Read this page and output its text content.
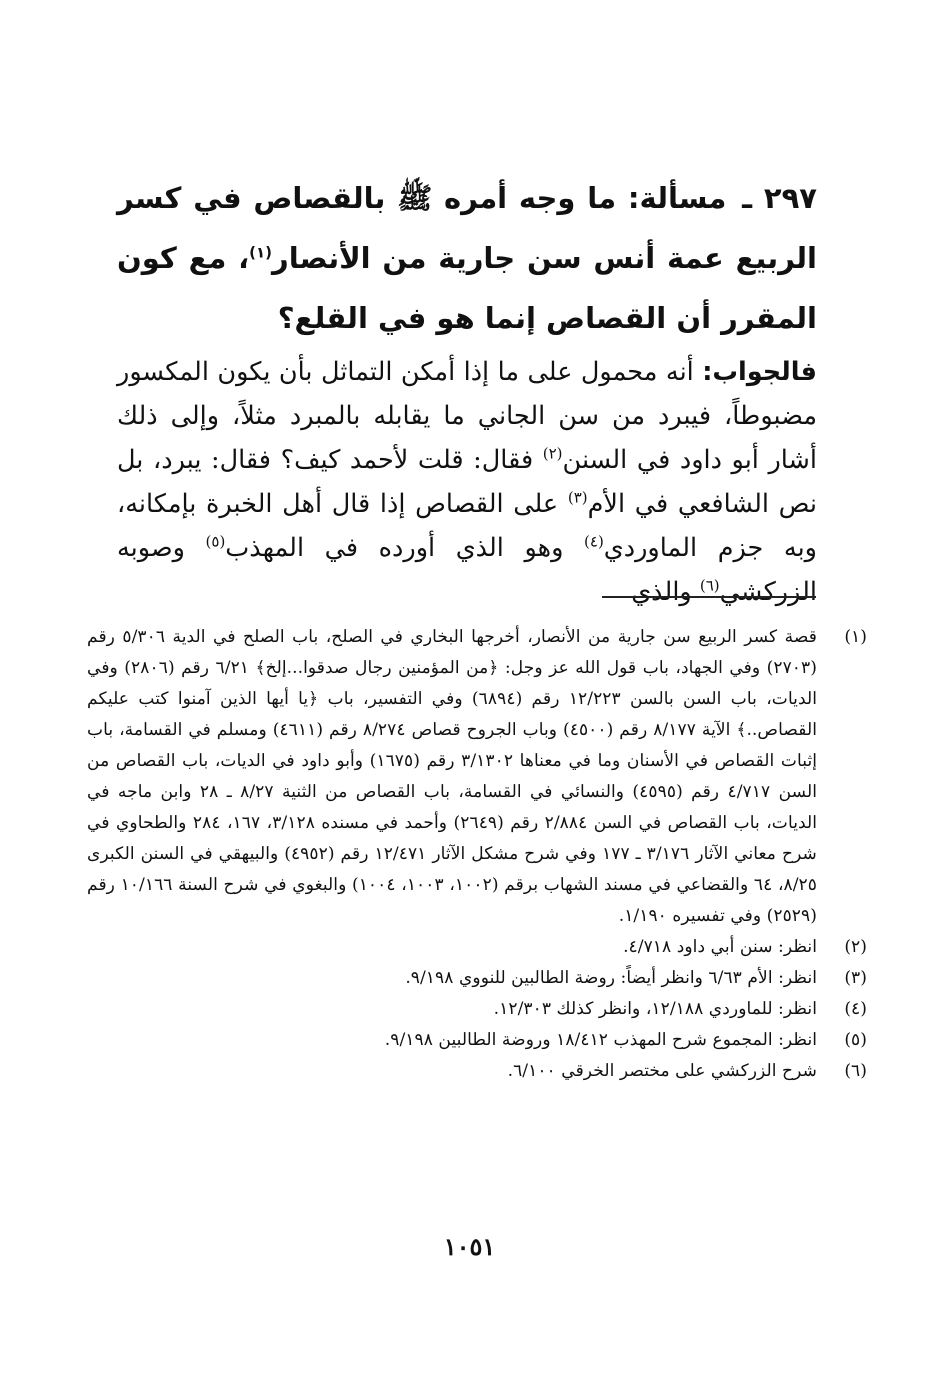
٢٩٧ ـ مسألة: ما وجه أمره ﷺ بالقصاص في كسر الربيع عمة أنس سن جارية من الأنصار$^{(١)}$، مع كون المقرر أن القصاص إنما هو في القلع؟
فالجواب: أنه محمول على ما إذا أمكن التماثل بأن يكون المكسور مضبوطاً، فيبرد من سن الجاني ما يقابله بالمبرد مثلاً، وإلى ذلك أشار أبو داود في السنن$^{(٢)}$ فقال: قلت لأحمد كيف؟ فقال: يبرد، بل نص الشافعي في الأم$^{(٣)}$ على القصاص إذا قال أهل الخبرة بإمكانه، وبه جزم الماوردي$^{(٤)}$ وهو الذي أورده في المهذب$^{(٥)}$ وصوبه الزركشي$^{(٦)}$ والذي
(١)
قصة كسر الربيع سن جارية من الأنصار، أخرجها البخاري في الصلح، باب الصلح في الدية ٥/٣٠٦ رقم (٢٧٠٣) وفي الجهاد، باب قول الله عز وجل: ﴿من المؤمنين رجال صدقوا...إلخ﴾ ٦/٢١ رقم (٢٨٠٦) وفي الديات، باب السن بالسن ١٢/٢٢٣ رقم (٦٨٩٤) وفي التفسير، باب ﴿يا أيها الذين آمنوا كتب عليكم القصاص..﴾ الآية ٨/١٧٧ رقم (٤٥٠٠) وباب الجروح قصاص ٨/٢٧٤ رقم (٤٦١١) ومسلم في القسامة، باب إثبات القصاص في الأسنان وما في معناها ٣/١٣٠٢ رقم (١٦٧٥) وأبو داود في الديات، باب القصاص من السن ٤/٧١٧ رقم (٤٥٩٥) والنسائي في القسامة، باب القصاص من الثنية ٨/٢٧ ـ ٢٨ وابن ماجه في الديات، باب القصاص في السن ٢/٨٨٤ رقم (٢٦٤٩) وأحمد في مسنده ٣/١٢٨، ١٦٧، ٢٨٤ والطحاوي في شرح معاني الآثار ٣/١٧٦ ـ ١٧٧ وفي شرح مشكل الآثار ١٢/٤٧١ رقم (٤٩٥٢) والبيهقي في السنن الكبرى ٨/٢٥، ٦٤ والقضاعي في مسند الشهاب برقم (١٠٠٢، ١٠٠٣، ١٠٠٤) والبغوي في شرح السنة ١٠/١٦٦ رقم (٢٥٢٩) وفي تفسيره ١/١٩٠.
(٢)
انظر: سنن أبي داود ٤/٧١٨.
(٣)
انظر: الأم ٦/٦٣ وانظر أيضاً: روضة الطالبين للنووي ٩/١٩٨.
(٤)
انظر: للماوردي ١٢/١٨٨، وانظر كذلك ١٢/٣٠٣.
(٥)
انظر: المجموع شرح المهذب ١٨/٤١٢ وروضة الطالبين ٩/١٩٨.
(٦)
شرح الزركشي على مختصر الخرقي ٦/١٠٠.
١٠٥١
